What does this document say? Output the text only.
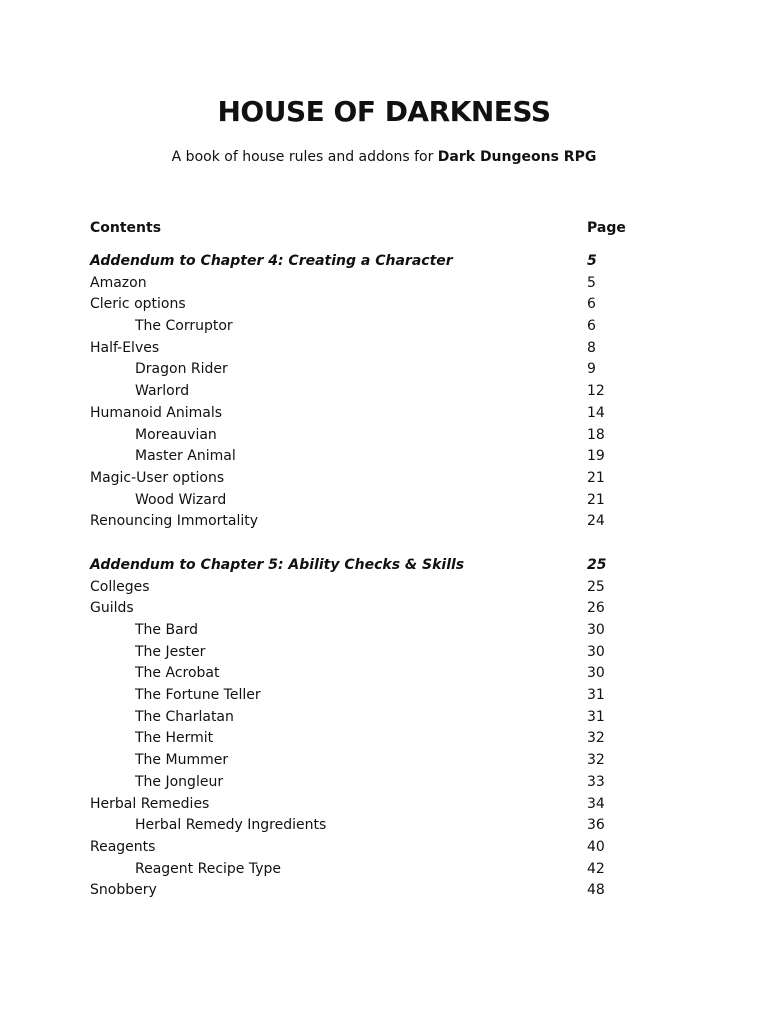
HOUSE OF DARKNESS

A book of house rules and addons for Dark Dungeons RPG

Contents	Page
Addendum to Chapter 4: Creating a Character	5
Amazon	5
Cleric options	6
The Corruptor	6
Half-Elves	8
Dragon Rider	9
Warlord	12
Humanoid Animals	14
Moreauvian	18
Master Animal	19
Magic-User options	21
Wood Wizard	21
Renouncing Immortality	24
Addendum to Chapter 5: Ability Checks & Skills	25
Colleges	25
Guilds	26
The Bard	30
The Jester	30
The Acrobat	30
The Fortune Teller	31
The Charlatan	31
The Hermit	32
The Mummer	32
The Jongleur	33
Herbal Remedies	34
Herbal Remedy Ingredients	36
Reagents	40
Reagent Recipe Type	42
Snobbery	48
